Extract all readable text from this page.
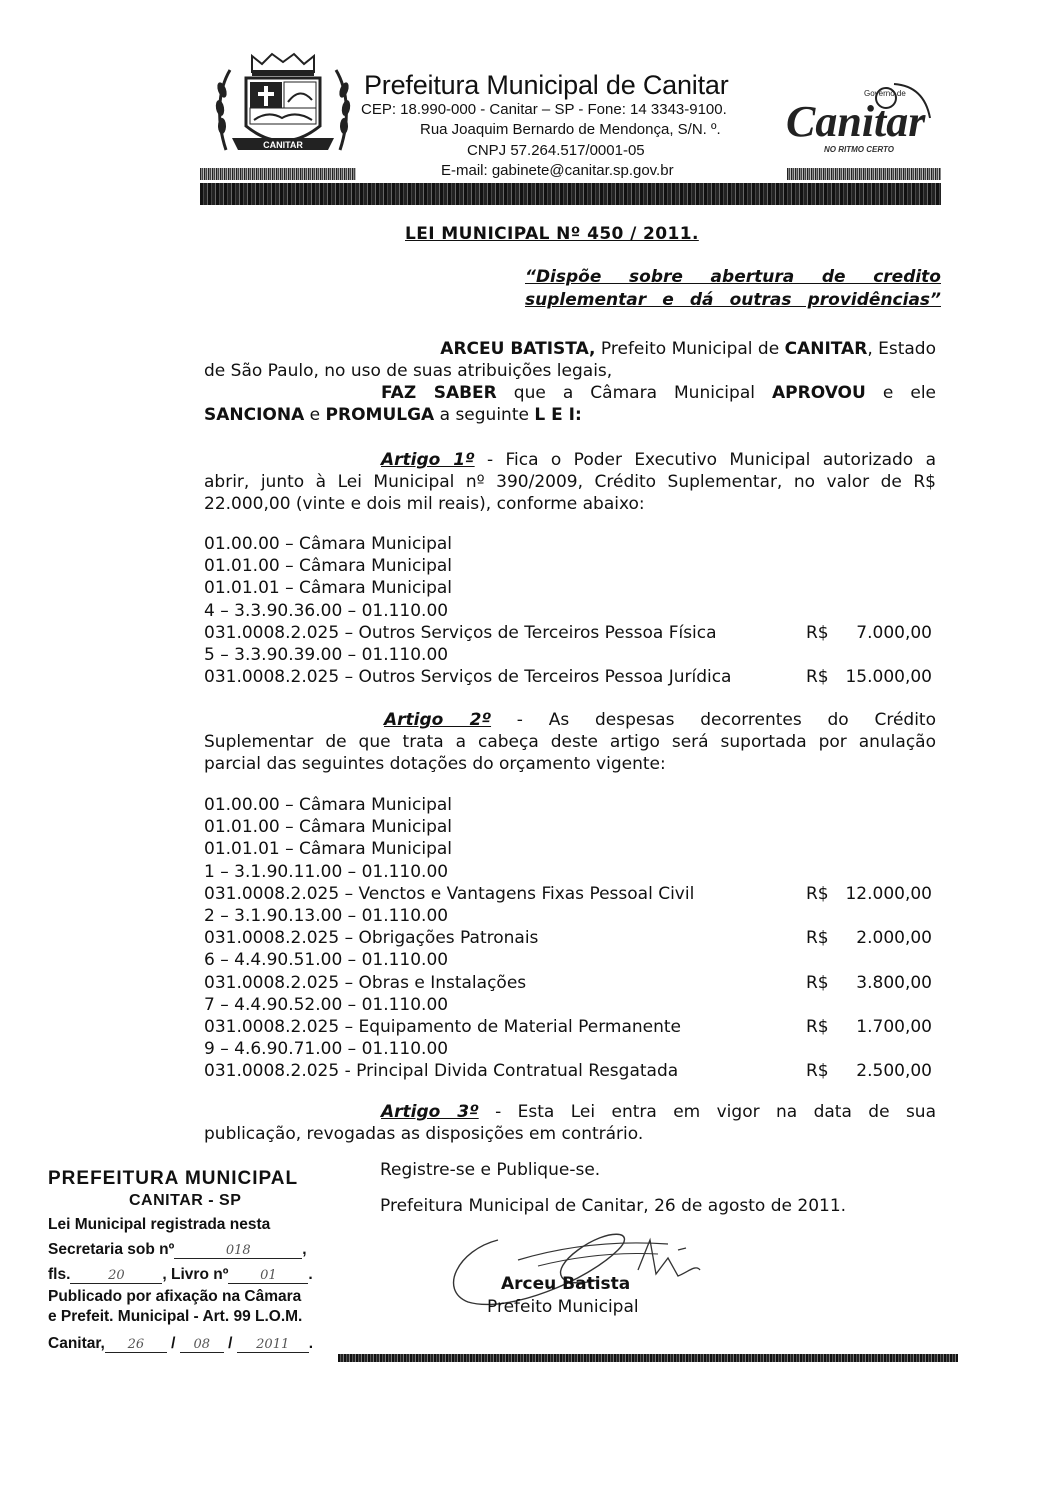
CANITAR
Prefeitura Municipal de Canitar
CEP: 18.990-000 - Canitar – SP - Fone: 14 3343-9100.
Rua Joaquim Bernardo de Mendonça, S/N. º.
CNPJ 57.264.517/0001-05
E-mail: gabinete@canitar.sp.gov.br
Governo de
Canitar
NO RITMO CERTO
LEI MUNICIPAL Nº 450 / 2011.
“Dispõe sobre abertura de credito
suplementar e dá outras providências”
ARCEU BATISTA, Prefeito Municipal de CANITAR, Estado
de São Paulo, no uso de suas atribuições legais,
FAZ SABER que a Câmara Municipal APROVOU e ele
SANCIONA e PROMULGA a seguinte L E I:
Artigo 1º - Fica o Poder Executivo Municipal autorizado a
abrir, junto à Lei Municipal nº 390/2009, Crédito Suplementar, no valor de R$
22.000,00 (vinte e dois mil reais), conforme abaixo:
01.00.00 – Câmara Municipal
01.01.00 – Câmara Municipal
01.01.01 – Câmara Municipal
4 – 3.3.90.36.00 – 01.110.00
031.0008.2.025 – Outros Serviços de Terceiros Pessoa Física	R$ 7.000,00
5 – 3.3.90.39.00 – 01.110.00
031.0008.2.025 – Outros Serviços de Terceiros Pessoa Jurídica	R$ 15.000,00
Artigo 2º - As despesas decorrentes do Crédito
Suplementar de que trata a cabeça deste artigo será suportada por anulação
parcial das seguintes dotações do orçamento vigente:
01.00.00 – Câmara Municipal
01.01.00 – Câmara Municipal
01.01.01 – Câmara Municipal
1 – 3.1.90.11.00 – 01.110.00
031.0008.2.025 – Venctos e Vantagens Fixas Pessoal Civil	R$ 12.000,00
2 – 3.1.90.13.00 – 01.110.00
031.0008.2.025 – Obrigações Patronais	R$ 2.000,00
6 – 4.4.90.51.00 – 01.110.00
031.0008.2.025 – Obras e Instalações	R$ 3.800,00
7 – 4.4.90.52.00 – 01.110.00
031.0008.2.025 – Equipamento de Material Permanente	R$ 1.700,00
9 – 4.6.90.71.00 – 01.110.00
031.0008.2.025 - Principal Divida Contratual Resgatada	R$ 2.500,00
Artigo 3º - Esta Lei entra em vigor na data de sua
publicação, revogadas as disposições em contrário.
Registre-se e Publique-se.
Prefeitura Municipal de Canitar, 26 de agosto de 2011.
Arceu Batista
Prefeito Municipal
PREFEITURA MUNICIPAL
CANITAR - SP
Lei Municipal registrada nesta
Secretaria sob nº	018	,
fls.	20 , Livro nº 01 .
Publicado por afixação na Câmara
e Prefeit. Municipal - Art. 99 L.O.M.
Canitar, 26 / 08 / 2011 .
